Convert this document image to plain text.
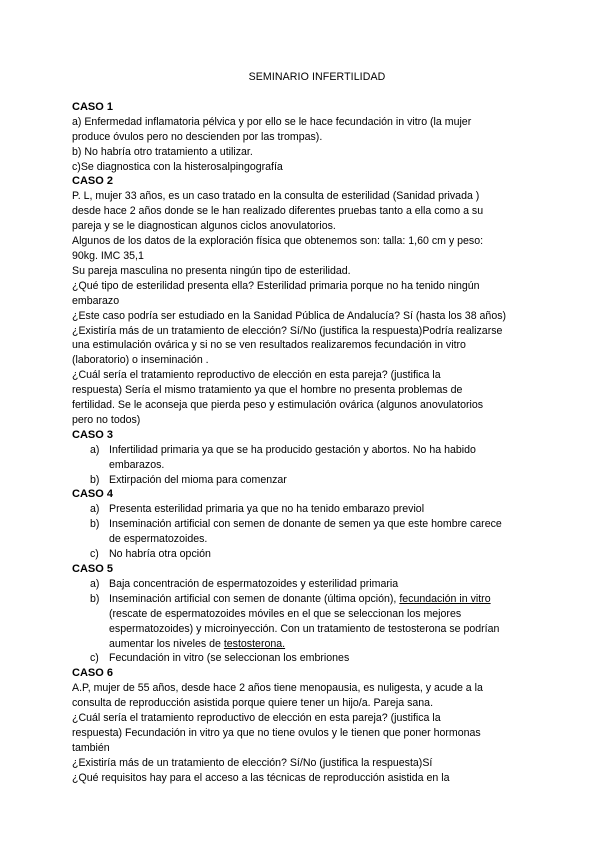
SEMINARIO INFERTILIDAD
CASO 1

a) Enfermedad inflamatoria pélvica y por ello se le hace fecundación in vitro (la mujer

produce óvulos pero no descienden por las trompas).

b) No habría otro tratamiento a utilizar.

c)Se diagnostica con la histerosalpingografía

CASO 2

P. L, mujer 33 años, es un caso tratado en la consulta de esterilidad (Sanidad privada )

desde hace 2 años donde se le han realizado diferentes pruebas tanto a ella como a su

pareja y se le diagnostican algunos ciclos anovulatorios.

Algunos de los datos de la exploración física que obtenemos son: talla: 1,60 cm y peso:

90kg. IMC 35,1

Su pareja masculina no presenta ningún tipo de esterilidad.

¿Qué tipo de esterilidad presenta ella? Esterilidad primaria porque no ha tenido ningún

embarazo

¿Este caso podría ser estudiado en la Sanidad Pública de Andalucía? Sí (hasta los 38 años)

¿Existiría más de un tratamiento de elección? Sí/No (justifica la respuesta)Podría realizarse

una estimulación ovárica y si no se ven resultados realizaremos fecundación in vitro

(laboratorio) o inseminación .

¿Cuál sería el tratamiento reproductivo de elección en esta pareja? (justifica la

respuesta) Sería el mismo tratamiento ya que el hombre no presenta problemas de

fertilidad. Se le aconseja que pierda peso y estimulación ovárica (algunos anovulatorios

pero no todos)

CASO 3
a) Infertilidad primaria ya que se ha producido gestación y abortos. No ha habido
embarazos.
b) Extirpación del mioma para comenzar
CASO 4
a) Presenta esterilidad primaria ya que no ha tenido embarazo previol
b) Inseminación artificial con semen de donante de semen ya que este hombre carece
de espermatozoides.
c) No habría otra opción
CASO 5
a) Baja concentración de espermatozoides y esterilidad primaria
b) Inseminación artificial con semen de donante (última opción), fecundación in vitro
(rescate de espermatozoides móviles en el que se seleccionan los mejores
espermatozoides) y microinyección. Con un tratamiento de testosterona se podrían
aumentar los niveles de testosterona.
c) Fecundación in vitro (se seleccionan los embriones
CASO 6

A.P, mujer de 55 años, desde hace 2 años tiene menopausia, es nuligesta, y acude a la

consulta de reproducción asistida porque quiere tener un hijo/a. Pareja sana.

¿Cuál sería el tratamiento reproductivo de elección en esta pareja? (justifica la

respuesta) Fecundación in vitro ya que no tiene ovulos y le tienen que poner hormonas

también

¿Existiría más de un tratamiento de elección? Sí/No (justifica la respuesta)Sí

¿Qué requisitos hay para el acceso a las técnicas de reproducción asistida en la
